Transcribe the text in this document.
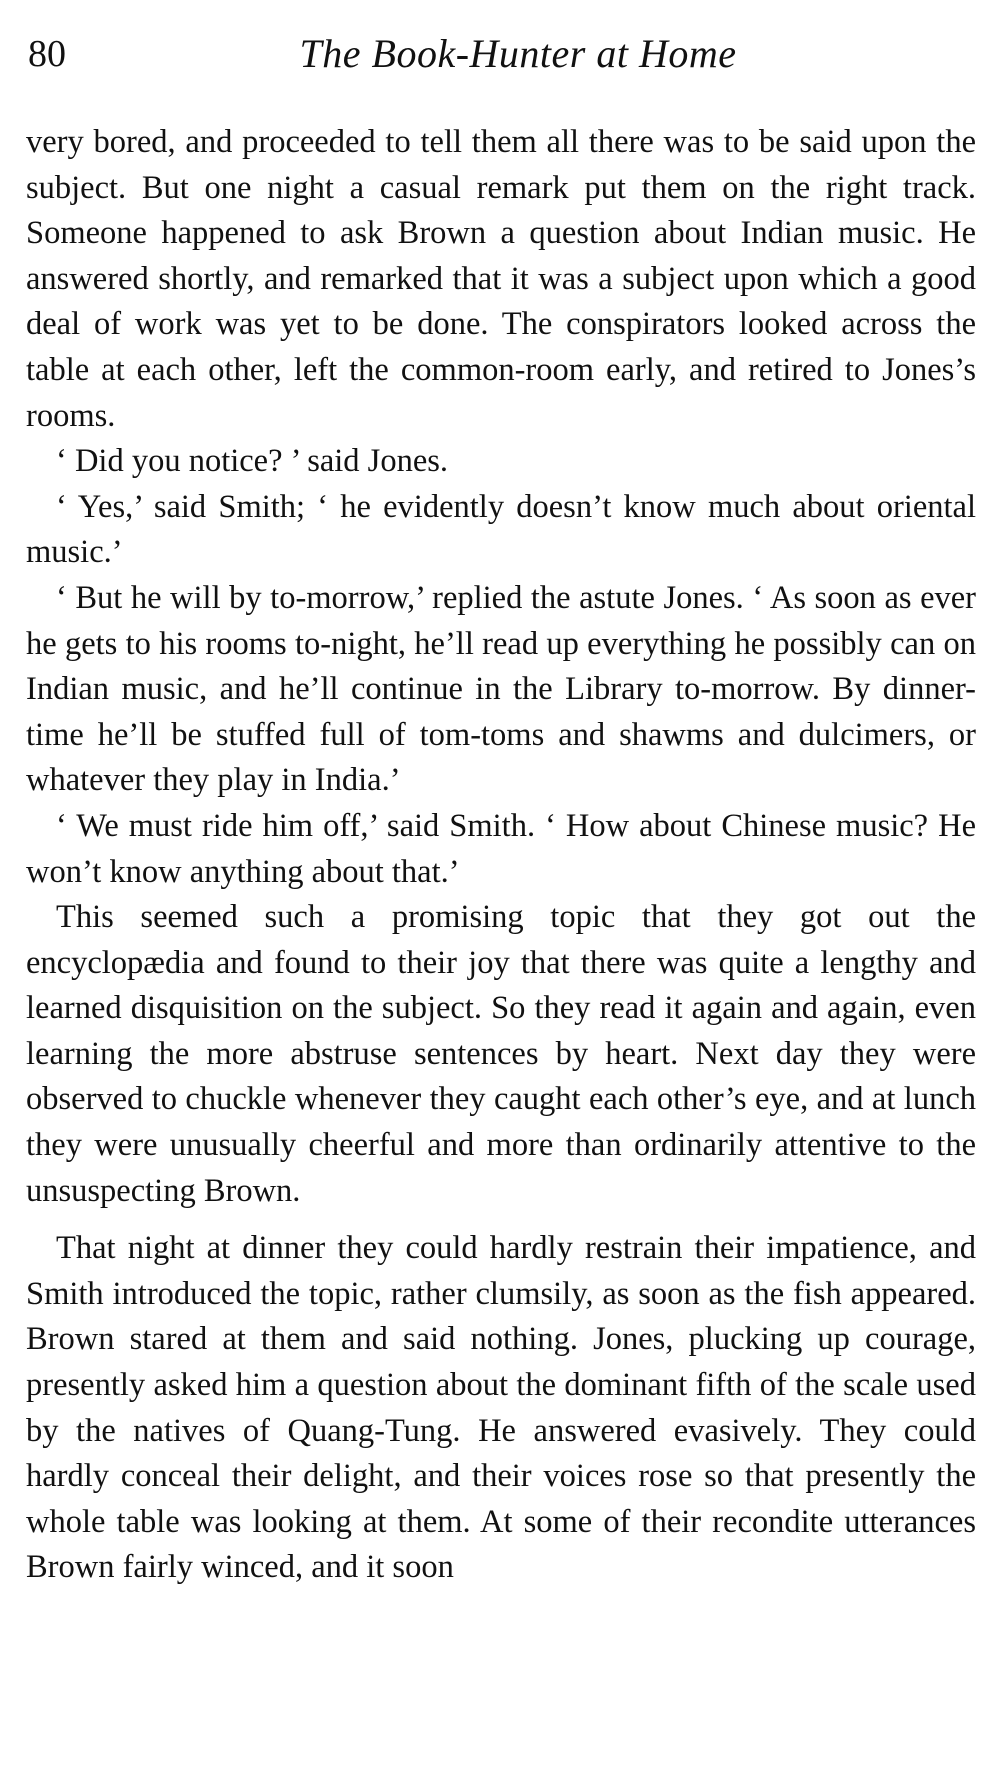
80	The Book-Hunter at Home

very bored, and proceeded to tell them all there was to be said upon the subject. But one night a casual remark put them on the right track. Someone happened to ask Brown a question about Indian music. He answered shortly, and remarked that it was a subject upon which a good deal of work was yet to be done. The conspirators looked across the table at each other, left the common-room early, and retired to Jones’s rooms.

‘ Did you notice? ’ said Jones.

‘ Yes,’ said Smith; ‘ he evidently doesn’t know much about oriental music.’

‘ But he will by to-morrow,’ replied the astute Jones. ‘ As soon as ever he gets to his rooms to-night, he’ll read up everything he possibly can on Indian music, and he’ll continue in the Library to-morrow. By dinner-time he’ll be stuffed full of tom-toms and shawms and dulcimers, or whatever they play in India.’

‘ We must ride him off,’ said Smith. ‘ How about Chinese music? He won’t know anything about that.’

This seemed such a promising topic that they got out the encyclopædia and found to their joy that there was quite a lengthy and learned disquisition on the subject. So they read it again and again, even learning the more abstruse sentences by heart. Next day they were observed to chuckle whenever they caught each other’s eye, and at lunch they were unusually cheerful and more than ordinarily attentive to the unsuspecting Brown.

That night at dinner they could hardly restrain their impatience, and Smith introduced the topic, rather clumsily, as soon as the fish appeared. Brown stared at them and said nothing. Jones, plucking up courage, presently asked him a question about the dominant fifth of the scale used by the natives of Quang-Tung. He answered evasively. They could hardly conceal their delight, and their voices rose so that presently the whole table was looking at them. At some of their recondite utterances Brown fairly winced, and it soon
